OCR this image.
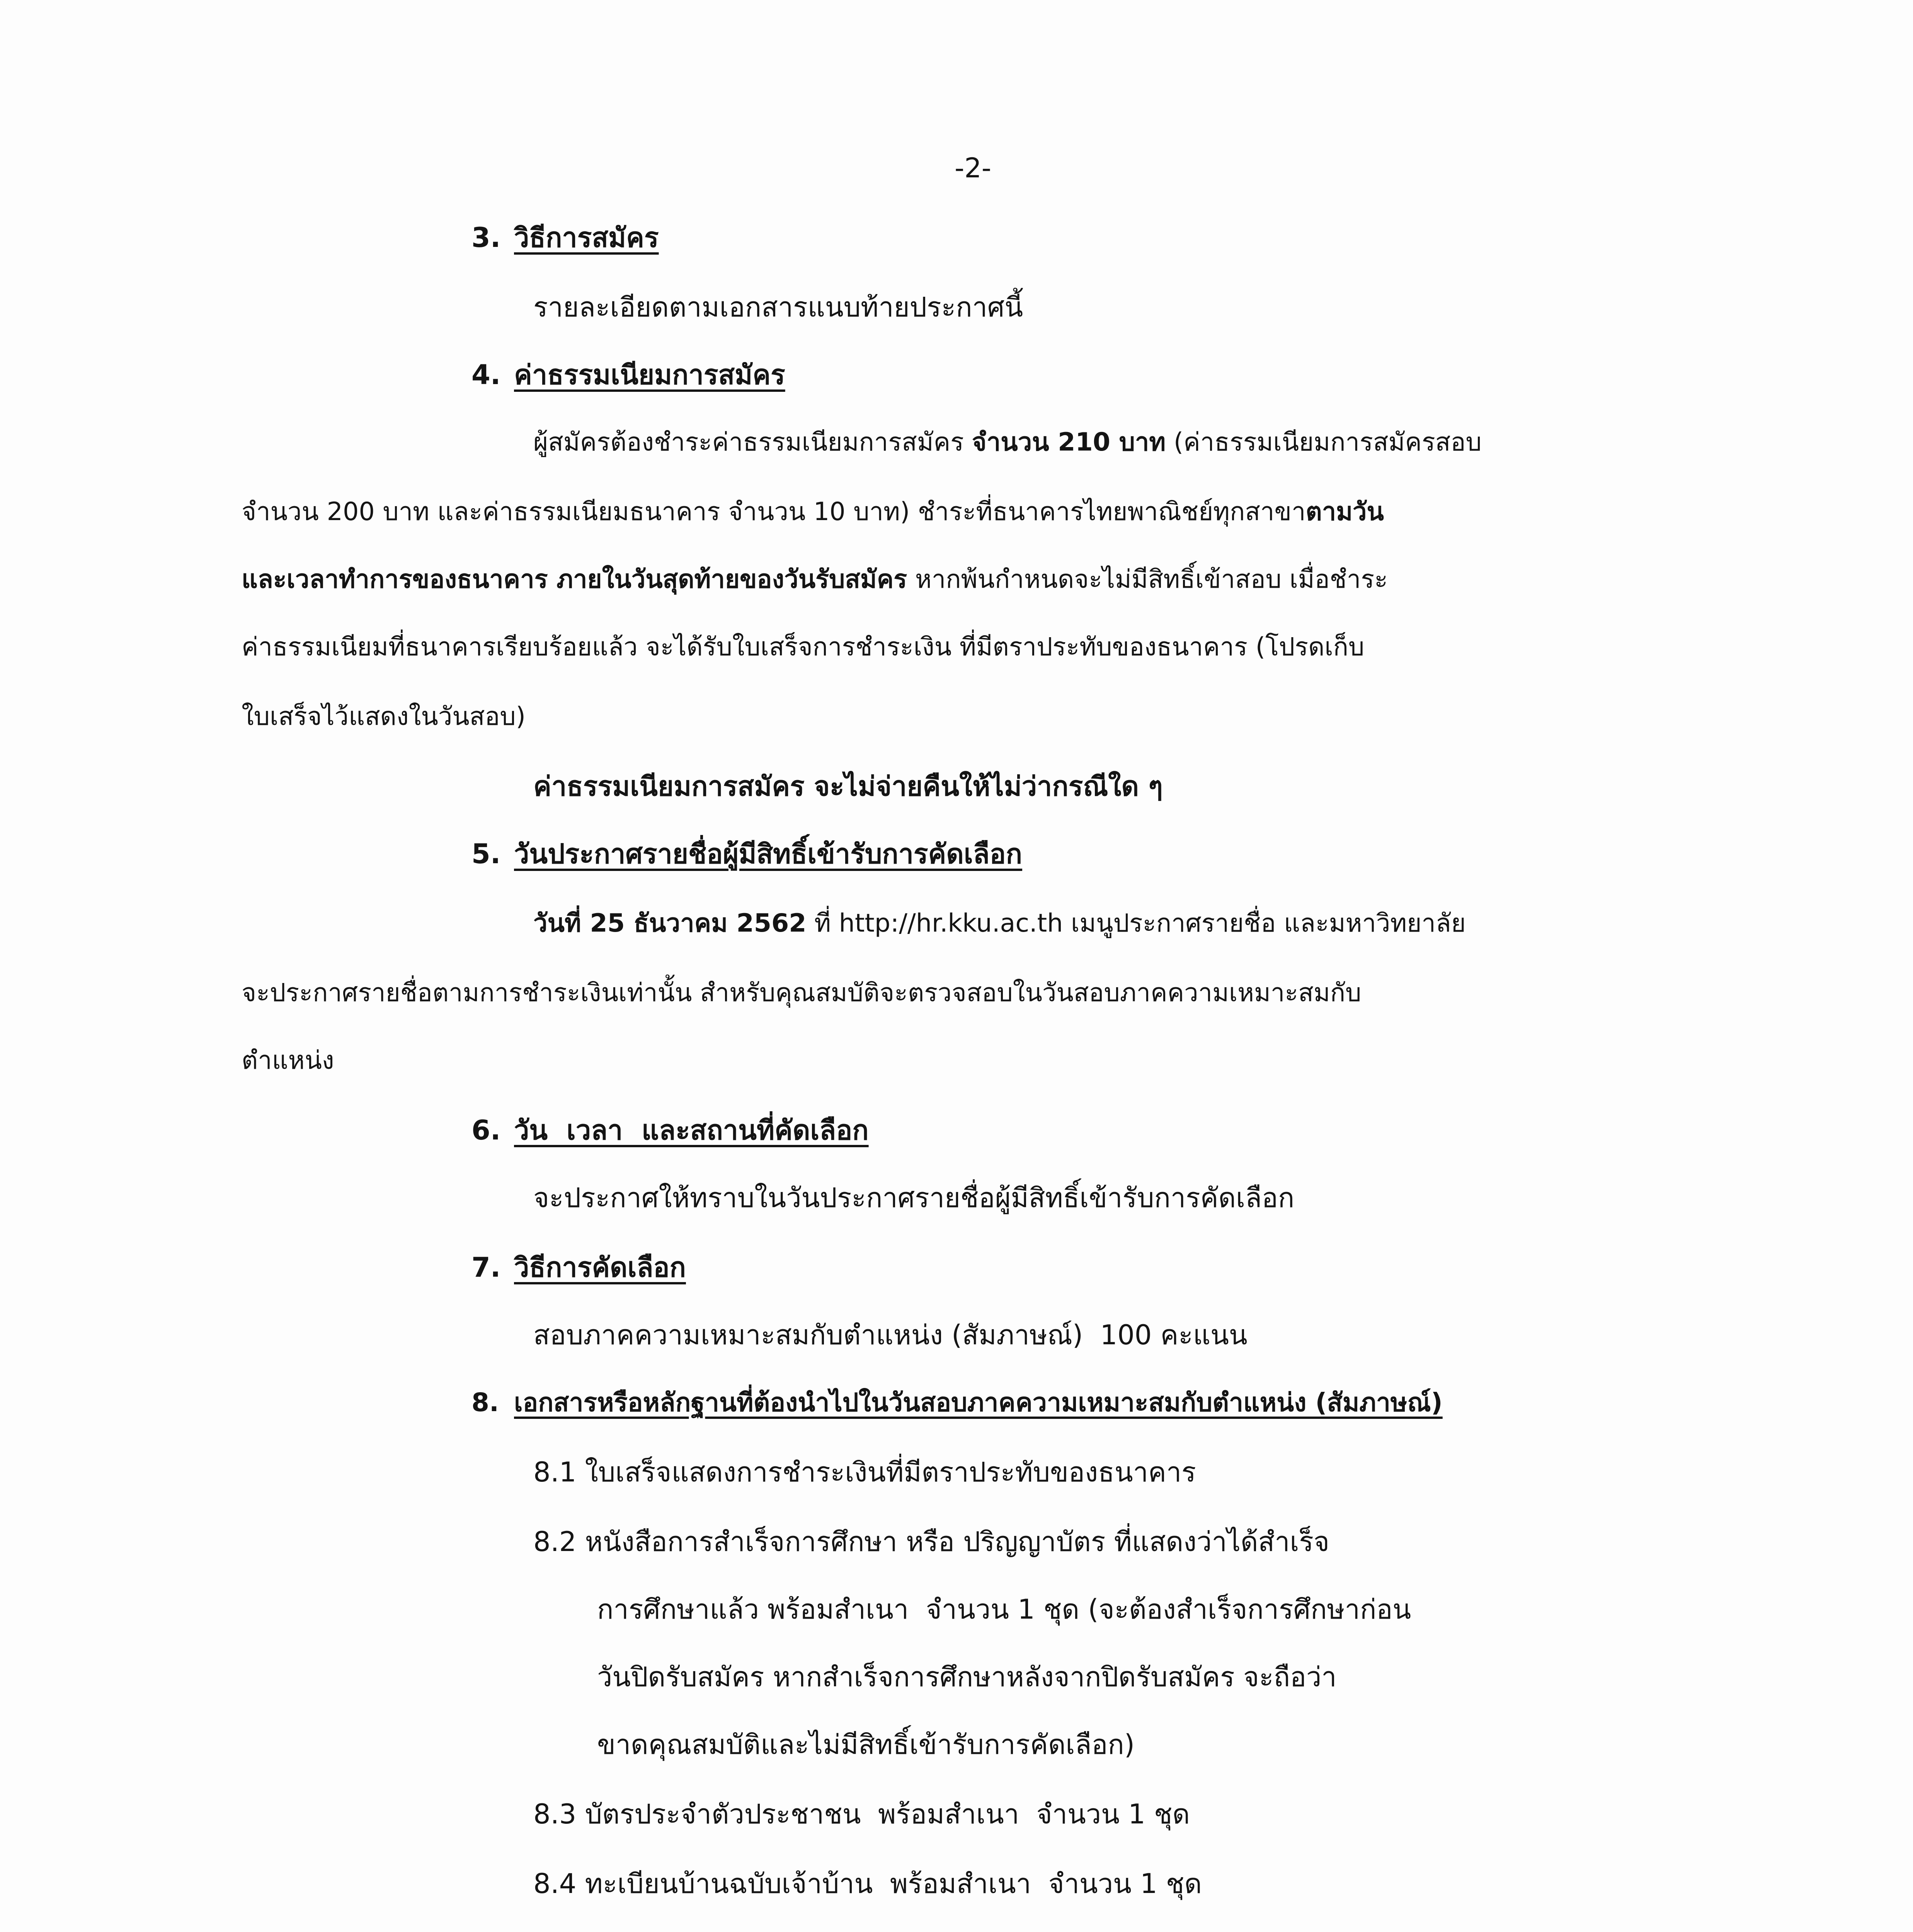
-2-
3. วิธีการสมัคร
รายละเอียดตามเอกสารแนบท้ายประกาศนี้
4. ค่าธรรมเนียมการสมัคร
ผู้สมัครต้องชำระค่าธรรมเนียมการสมัคร จำนวน 210 บาท (ค่าธรรมเนียมการสมัครสอบ
จำนวน 200 บาท และค่าธรรมเนียมธนาคาร จำนวน 10 บาท) ชำระที่ธนาคารไทยพาณิชย์ทุกสาขาตามวัน
และเวลาทำการของธนาคาร ภายในวันสุดท้ายของวันรับสมัคร หากพ้นกำหนดจะไม่มีสิทธิ์เข้าสอบ เมื่อชำระ
ค่าธรรมเนียมที่ธนาคารเรียบร้อยแล้ว จะได้รับใบเสร็จการชำระเงิน ที่มีตราประทับของธนาคาร (โปรดเก็บ
ใบเสร็จไว้แสดงในวันสอบ)
ค่าธรรมเนียมการสมัคร จะไม่จ่ายคืนให้ไม่ว่ากรณีใด ๆ
5. วันประกาศรายชื่อผู้มีสิทธิ์เข้ารับการคัดเลือก
วันที่ 25 ธันวาคม 2562 ที่ http://hr.kku.ac.th เมนูประกาศรายชื่อ และมหาวิทยาลัย
จะประกาศรายชื่อตามการชำระเงินเท่านั้น สำหรับคุณสมบัติจะตรวจสอบในวันสอบภาคความเหมาะสมกับ
ตำแหน่ง
6. วัน  เวลา  และสถานที่คัดเลือก
จะประกาศให้ทราบในวันประกาศรายชื่อผู้มีสิทธิ์เข้ารับการคัดเลือก
7. วิธีการคัดเลือก
สอบภาคความเหมาะสมกับตำแหน่ง (สัมภาษณ์)  100 คะแนน
8. เอกสารหรือหลักฐานที่ต้องนำไปในวันสอบภาคความเหมาะสมกับตำแหน่ง (สัมภาษณ์)
8.1 ใบเสร็จแสดงการชำระเงินที่มีตราประทับของธนาคาร
8.2 หนังสือการสำเร็จการศึกษา หรือ ปริญญาบัตร ที่แสดงว่าได้สำเร็จ
การศึกษาแล้ว พร้อมสำเนา  จำนวน 1 ชุด (จะต้องสำเร็จการศึกษาก่อน
วันปิดรับสมัคร หากสำเร็จการศึกษาหลังจากปิดรับสมัคร จะถือว่า
ขาดคุณสมบัติและไม่มีสิทธิ์เข้ารับการคัดเลือก)
8.3 บัตรประจำตัวประชาชน  พร้อมสำเนา  จำนวน 1 ชุด
8.4 ทะเบียนบ้านฉบับเจ้าบ้าน  พร้อมสำเนา  จำนวน 1 ชุด
